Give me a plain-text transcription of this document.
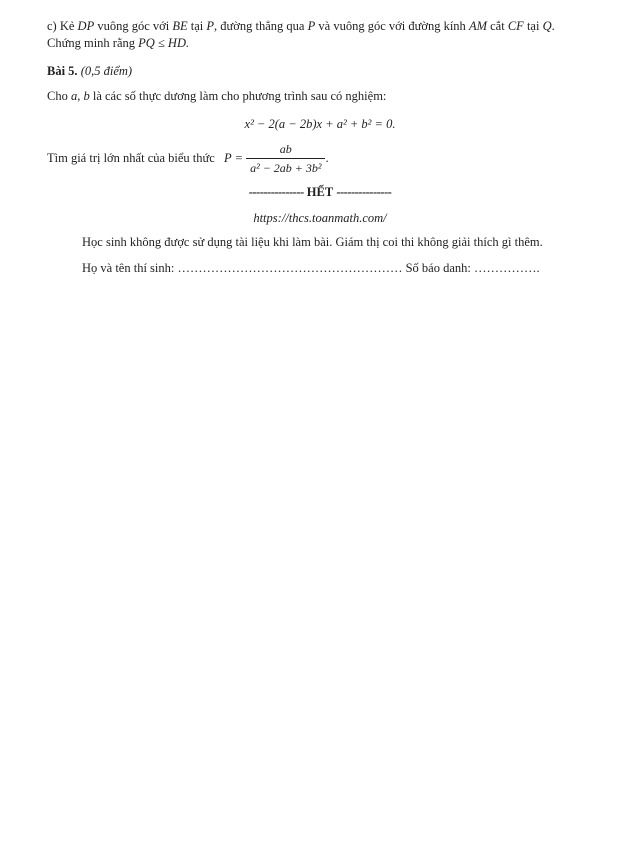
c) Kẻ DP vuông góc với BE tại P, đường thẳng qua P và vuông góc với đường kính AM cắt CF tại Q.
Chứng minh rằng PQ ≤ HD.
Bài 5. (0,5 điểm)
Cho a, b là các số thực dương làm cho phương trình sau có nghiệm:
x² − 2(a − 2b)x + a² + b² = 0.
Tìm giá trị lớn nhất của biểu thức $P = \frac{ab}{\text{a² − 2ab + 3b²}}$ .
--------------- HẾT ---------------
https://thcs.toanmath.com/
Học sinh không được sử dụng tài liệu khi làm bài. Giám thị coi thi không giải thích gì thêm.
Họ và tên thí sinh: ……………………………………………… Số báo danh: …………….
